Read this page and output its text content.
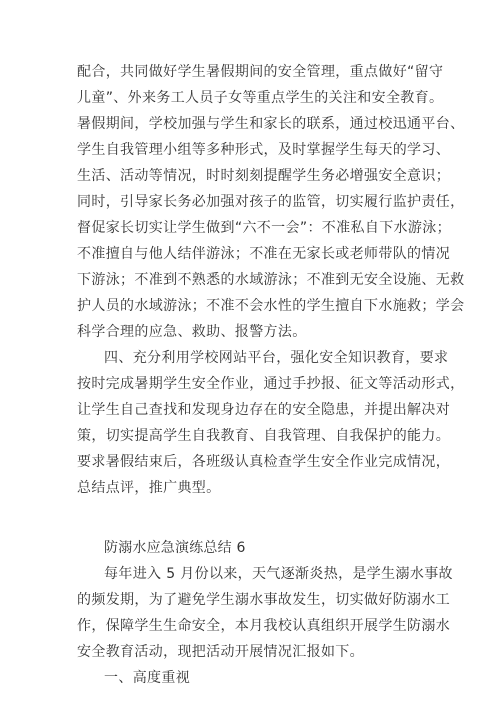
配合，共同做好学生暑假期间的安全管理，重点做好“留守
儿童”、外来务工人员子女等重点学生的关注和安全教育。
暑假期间，学校加强与学生和家长的联系，通过校迅通平台、
学生自我管理小组等多种形式，及时掌握学生每天的学习、
生活、活动等情况，时时刻刻提醒学生务必增强安全意识；
同时，引导家长务必加强对孩子的监管，切实履行监护责任，
督促家长切实让学生做到“六不一会”：不准私自下水游泳；
不准擅自与他人结伴游泳；不准在无家长或老师带队的情况
下游泳；不准到不熟悉的水域游泳；不准到无安全设施、无救
护人员的水域游泳；不准不会水性的学生擅自下水施救；学会
科学合理的应急、救助、报警方法。
四、充分利用学校网站平台，强化安全知识教育，要求
按时完成暑期学生安全作业，通过手抄报、征文等活动形式，
让学生自己查找和发现身边存在的安全隐患，并提出解决对
策，切实提高学生自我教育、自我管理、自我保护的能力。
要求暑假结束后，各班级认真检查学生安全作业完成情况，
总结点评，推广典型。
防溺水应急演练总结 6
每年进入 5 月份以来，天气逐渐炎热，是学生溺水事故
的频发期，为了避免学生溺水事故发生，切实做好防溺水工
作，保障学生生命安全，本月我校认真组织开展学生防溺水
安全教育活动，现把活动开展情况汇报如下。
一、高度重视
